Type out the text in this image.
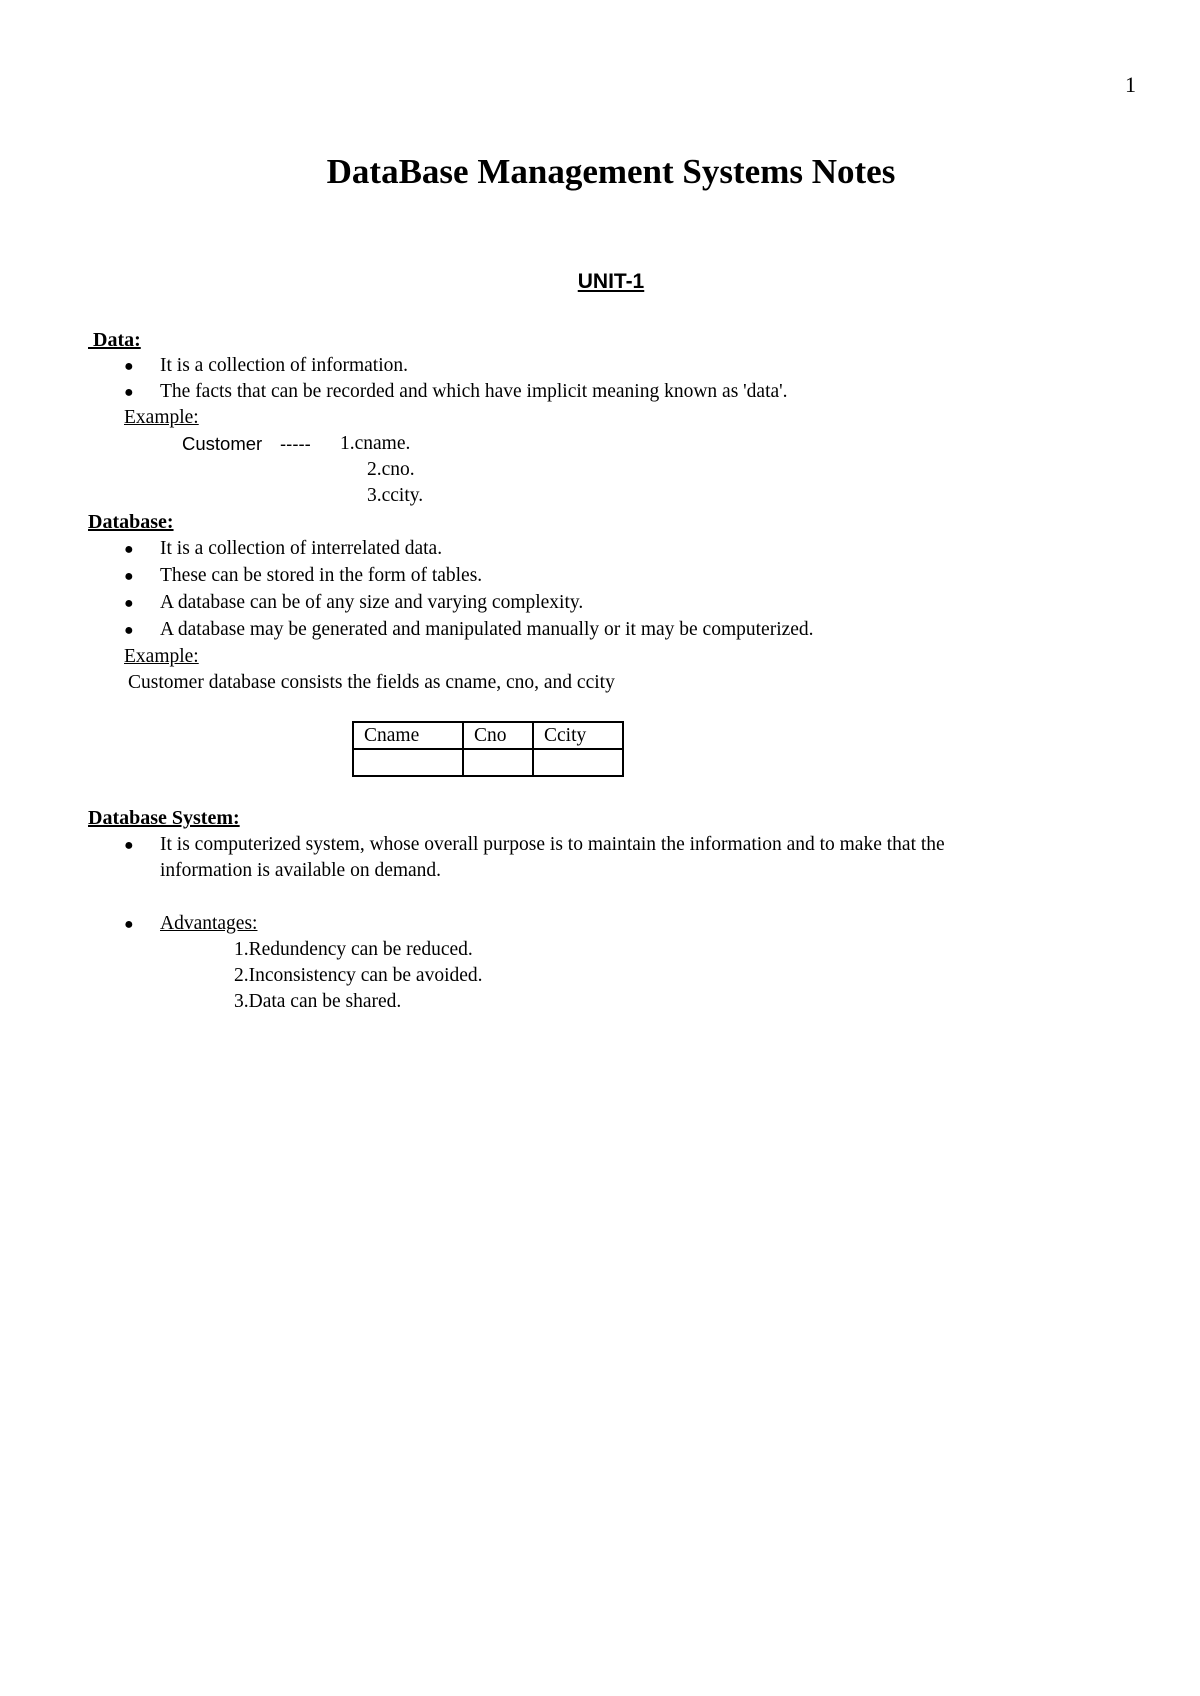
1
DataBase Management Systems Notes
UNIT-1
Data:
● It is a collection of information.
● The facts that can be recorded and which have implicit meaning known as 'data'.
Example:
Customer ----- 1.cname.
2.cno.
3.ccity.
Database:
● It is a collection of interrelated data.
● These can be stored in the form of tables.
● A database can be of any size and varying complexity.
● A database may be generated and manipulated manually or it may be computerized.
Example:
Customer database consists the fields as cname, cno, and ccity
Cname	Cno	Ccity

Database System:
● It is computerized system, whose overall purpose is to maintain the information and to make that the
information is available on demand.
● Advantages:
1.Redundency can be reduced.
2.Inconsistency can be avoided.
3.Data can be shared.
